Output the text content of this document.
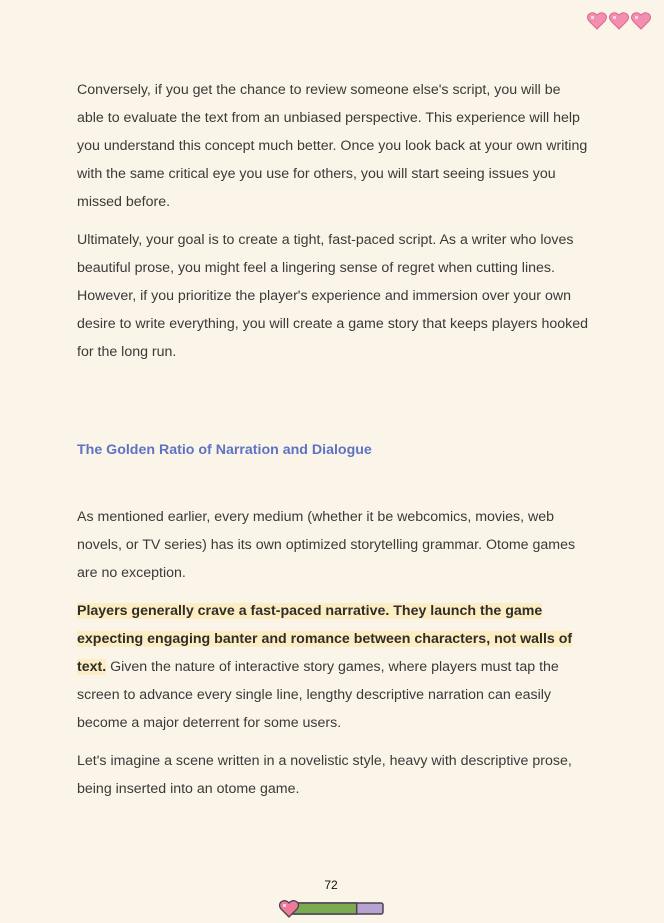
Conversely, if you get the chance to review someone else's script, you will be able to evaluate the text from an unbiased perspective. This experience will help you understand this concept much better. Once you look back at your own writing with the same critical eye you use for others, you will start seeing issues you missed before.

Ultimately, your goal is to create a tight, fast-paced script. As a writer who loves beautiful prose, you might feel a lingering sense of regret when cutting lines. However, if you prioritize the player's experience and immersion over your own desire to write everything, you will create a game story that keeps players hooked for the long run.

The Golden Ratio of Narration and Dialogue

As mentioned earlier, every medium (whether it be webcomics, movies, web novels, or TV series) has its own optimized storytelling grammar. Otome games are no exception.

Players generally crave a fast-paced narrative. They launch the game expecting engaging banter and romance between characters, not walls of text. Given the nature of interactive story games, where players must tap the screen to advance every single line, lengthy descriptive narration can easily become a major deterrent for some users.

Let's imagine a scene written in a novelistic style, heavy with descriptive prose, being inserted into an otome game.

72
